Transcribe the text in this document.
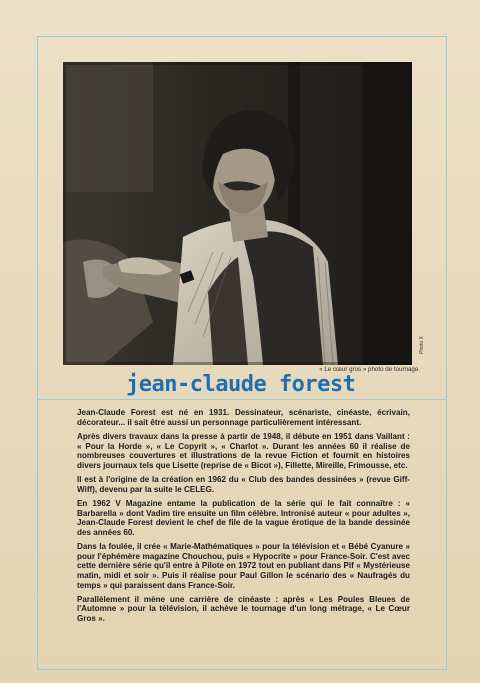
Photo X
« Le cœur gros » photo de tournage.
jean-claude forest

Jean-Claude Forest est né en 1931. Dessinateur, scénariste, cinéaste, écrivain, décorateur... il sait être aussi un personnage particulièrement intéressant.

Après divers travaux dans la presse à partir de 1948, il débute en 1951 dans Vaillant : « Pour la Horde », « Le Copyrit », « Charlot ». Durant les années 60 il réalise de nombreuses couvertures et illustrations de la revue Fiction et fournit en histoires divers journaux tels que Lisette (reprise de « Bicot »), Fillette, Mireille, Frimousse, etc.

Il est à l'origine de la création en 1962 du « Club des bandes dessinées » (revue Giff-Wiff), devenu par la suite le CELEG.

En 1962 V Magazine entame la publication de la série qui le fait connaître : « Barbarella » dont Vadim tire ensuite un film célèbre. Intronisé auteur « pour adultes », Jean-Claude Forest devient le chef de file de la vague érotique de la bande dessinée des années 60.

Dans la foulée, il crée « Marie-Mathématiques » pour la télévision et « Bébé Cyanure » pour l'éphémère magazine Chouchou, puis « Hypocrite » pour France-Soir. C'est avec cette dernière série qu'il entre à Pilote en 1972 tout en publiant dans Pif « Mystérieuse matin, midi et soir ». Puis il réalise pour Paul Gillon le scénario des « Naufragés du temps » qui paraissent dans France-Soir.

Parallèlement il mène une carrière de cinéaste : après « Les Poules Bleues de l'Automne » pour la télévision, il achève le tournage d'un long métrage, « Le Cœur Gros ».
